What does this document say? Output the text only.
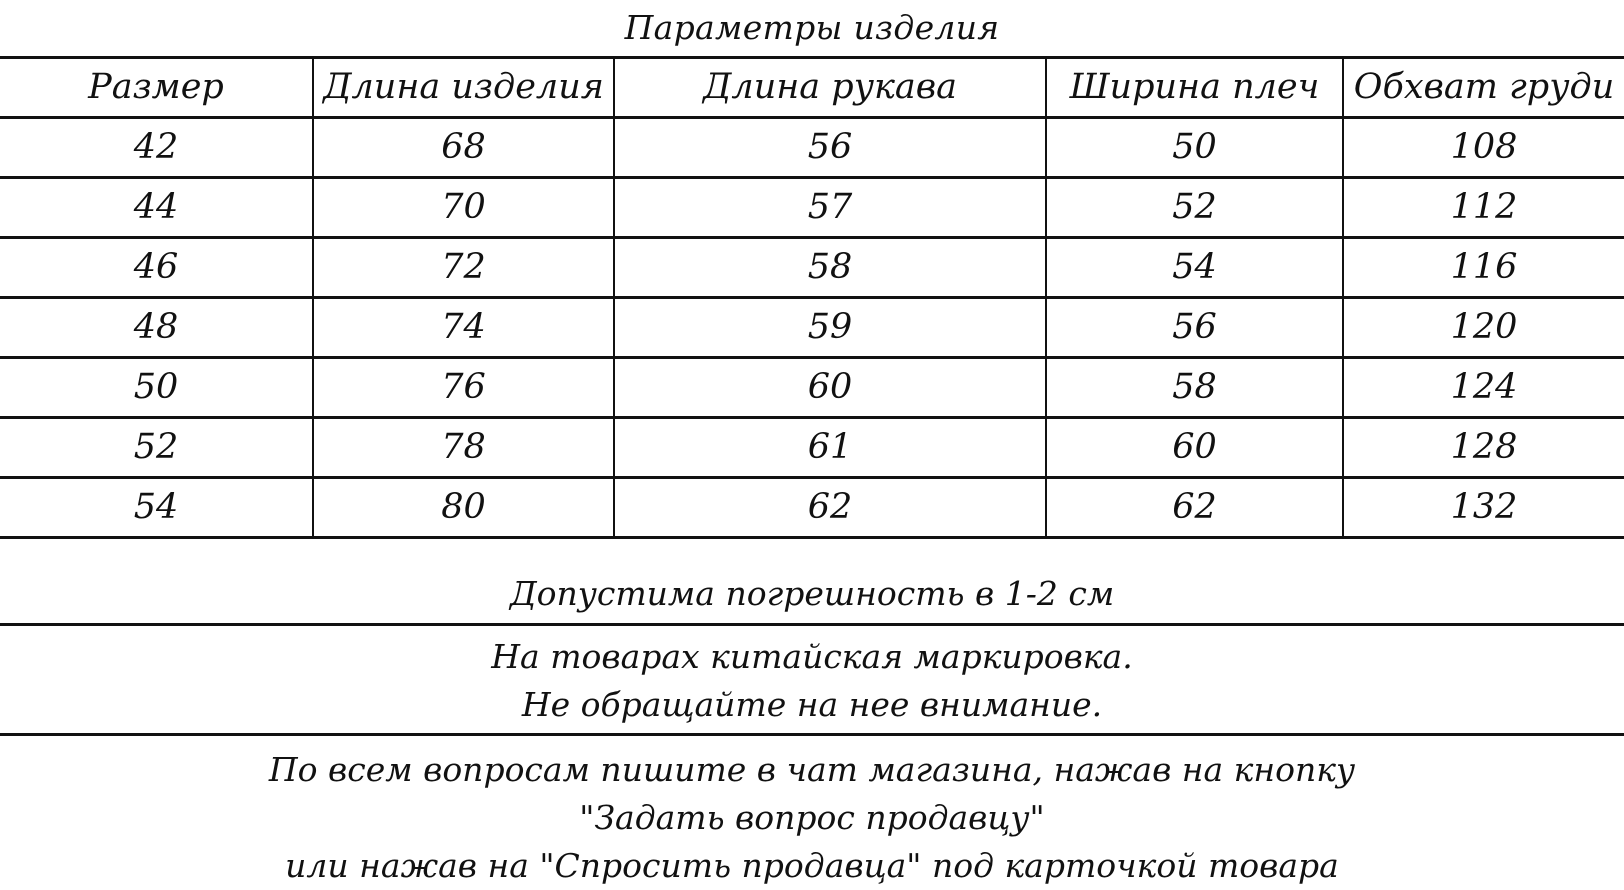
Параметры изделия
Размер	Длина изделия	Длина рукава	Ширина плеч	Обхват груди
42	68	56	50	108
44	70	57	52	112
46	72	58	54	116
48	74	59	56	120
50	76	60	58	124
52	78	61	60	128
54	80	62	62	132
Допустима погрешность в 1-2 см
На товарах китайская маркировка.
Не обращайте на нее внимание.
По всем вопросам пишите в чат магазина, нажав на кнопку
"Задать вопрос продавцу"
или нажав на "Спросить продавца" под карточкой товара
